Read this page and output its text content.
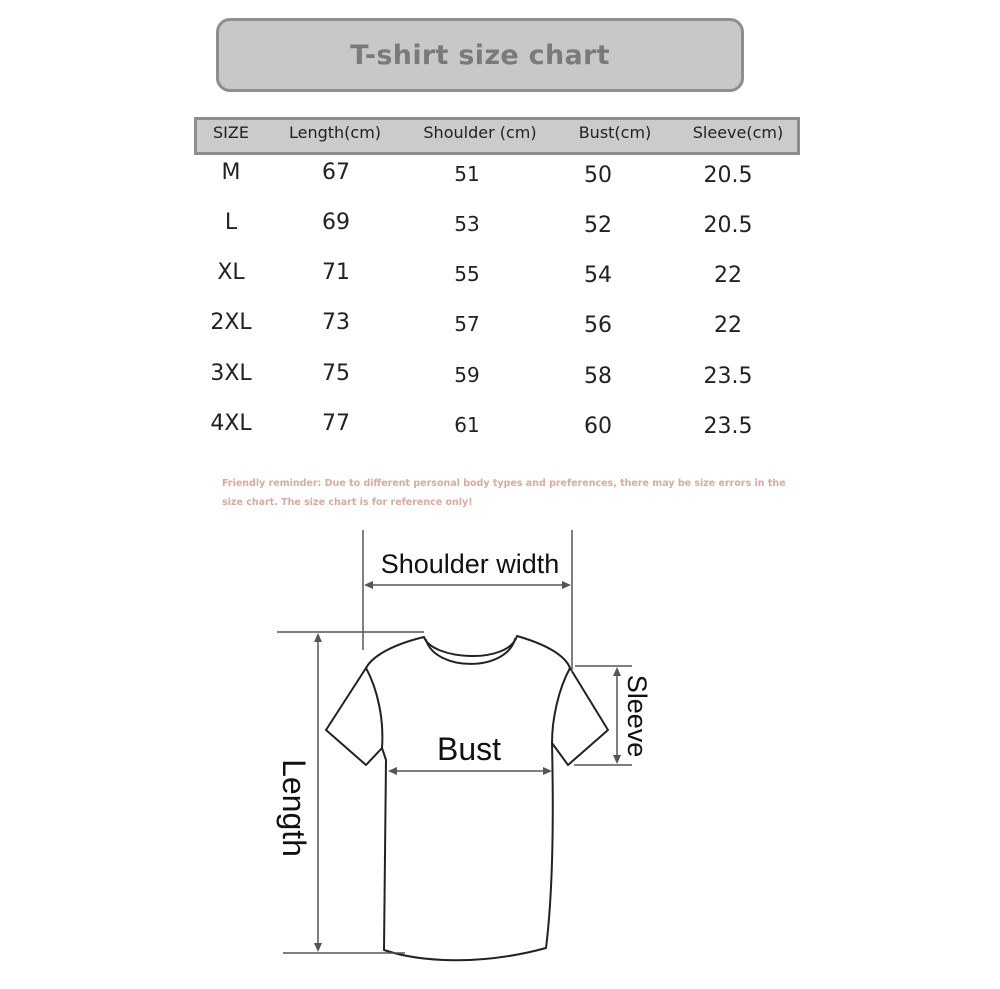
T-shirt size chart
SIZE	Length(cm)	Shoulder (cm)	Bust(cm)	Sleeve(cm)
M	67	51	50	20.5
L	69	53	52	20.5
XL	71	55	54	22
2XL	73	57	56	22
3XL	75	59	58	23.5
4XL	77	61	60	23.5
Friendly reminder: Due to different personal body types and preferences, there may be size errors in the size chart. The size chart is for reference only!
Shoulder width
Bust	Sleeve
Length
